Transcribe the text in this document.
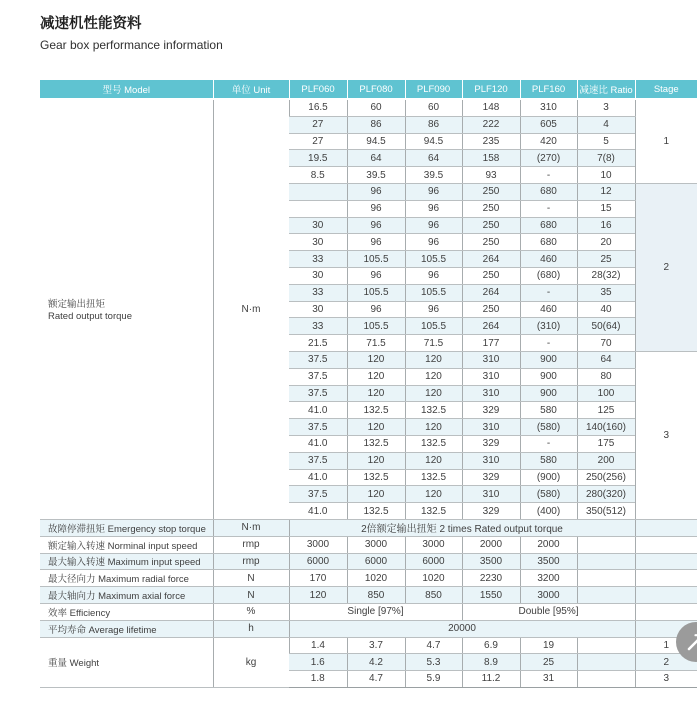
减速机性能资料
Gear box performance information
型号 Model	单位 Unit	PLF060	PLF080	PLF090	PLF120	PLF160	减速比 Ratio	Stage

额定输出扭矩
Rated output torque	N·m	16.5	60	60	148	310	3	1
		27	86	86	222	605	4	
		27	94.5	94.5	235	420	5	
		19.5	64	64	158	(270)	7(8)	
		8.5	39.5	39.5	93	-	10	
			96	96	250	680	12	2
			96	96	250	-	15	
		30	96	96	250	680	16	
		30	96	96	250	680	20	
		33	105.5	105.5	264	460	25	
		30	96	96	250	(680)	28(32)	
		33	105.5	105.5	264	-	35	
		30	96	96	250	460	40	
		33	105.5	105.5	264	(310)	50(64)	
		21.5	71.5	71.5	177	-	70	
		37.5	120	120	310	900	64	3
		37.5	120	120	310	900	80	
		37.5	120	120	310	900	100	
		41.0	132.5	132.5	329	580	125	
		37.5	120	120	310	(580)	140(160)	
		41.0	132.5	132.5	329	-	175	
		37.5	120	120	310	580	200	
		41.0	132.5	132.5	329	(900)	250(256)	
		37.5	120	120	310	(580)	280(320)	
		41.0	132.5	132.5	329	(400)	350(512)	
故障停滞扭矩 Emergency stop torque	N·m	2倍额定输出扭矩 2 times Rated output torque						
额定输入转速 Norminal input speed	rmp	3000	3000	3000	2000	2000		
最大输入转速 Maximum input speed	rmp	6000	6000	6000	3500	3500		
最大径向力 Maximum radial force	N	170	1020	1020	2230	3200		
最大轴向力 Maximum axial force	N	120	850	850	1550	3000		
效率 Efficiency	%	Single [97%]			Double [95%]			
平均寿命 Average lifetime	h	20000						
重量 Weight	kg	1.4	3.7	4.7	6.9	19		1
		1.6	4.2	5.3	8.9	25		2
		1.8	4.7	5.9	11.2	31		3
